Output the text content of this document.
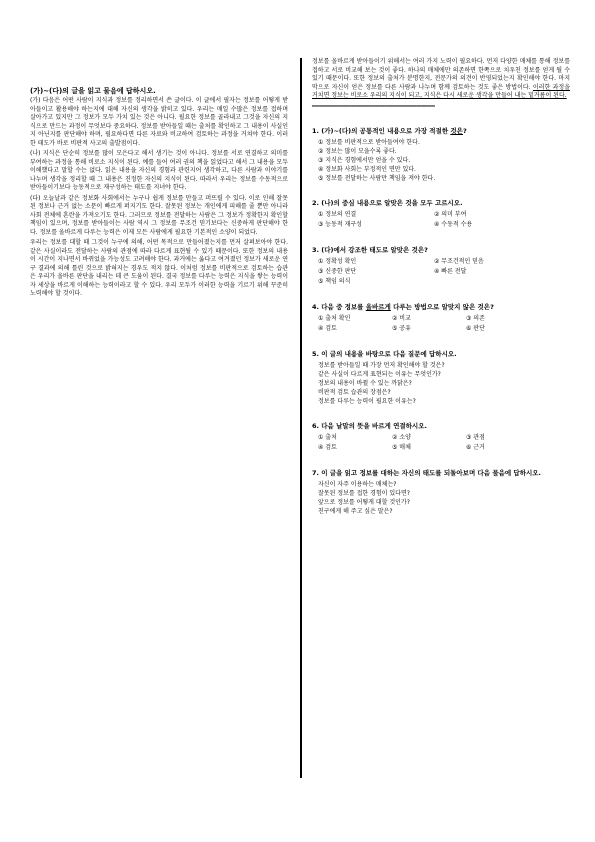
(가)~(다)의 글을 읽고 물음에 답하시오.

(가) 다음은 어떤 사람이 지식과 정보를 정리하면서 쓴 글이다. 이 글에서 필자는 정보를 어떻게 받아들이고 활용해야 하는지에 대해 자신의 생각을 밝히고 있다. 우리는 매일 수많은 정보를 접하며 살아가고 있지만 그 정보가 모두 가치 있는 것은 아니다. 필요한 정보를 골라내고 그것을 자신의 지식으로 만드는 과정이 무엇보다 중요하다. 정보를 받아들일 때는 출처를 확인하고 그 내용이 사실인지 아닌지를 판단해야 하며, 필요하다면 다른 자료와 비교하여 검토하는 과정을 거쳐야 한다. 이러한 태도가 바로 비판적 사고의 출발점이다.

(나) 지식은 단순히 정보를 많이 모은다고 해서 생기는 것이 아니다. 정보를 서로 연결하고 의미를 부여하는 과정을 통해 비로소 지식이 된다. 예를 들어 여러 권의 책을 읽었다고 해서 그 내용을 모두 이해했다고 말할 수는 없다. 읽은 내용을 자신의 경험과 관련지어 생각하고, 다른 사람과 이야기를 나누며 생각을 정리할 때 그 내용은 진정한 자신의 지식이 된다. 따라서 우리는 정보를 수동적으로 받아들이기보다 능동적으로 재구성하는 태도를 지녀야 한다.

(다) 오늘날과 같은 정보화 사회에서는 누구나 쉽게 정보를 만들고 퍼뜨릴 수 있다. 이로 인해 잘못된 정보나 근거 없는 소문이 빠르게 퍼지기도 한다. 잘못된 정보는 개인에게 피해를 줄 뿐만 아니라 사회 전체에 혼란을 가져오기도 한다. 그러므로 정보를 전달하는 사람은 그 정보가 정확한지 확인할 책임이 있으며, 정보를 받아들이는 사람 역시 그 정보를 무조건 믿기보다는 신중하게 판단해야 한다. 정보를 올바르게 다루는 능력은 이제 모든 사람에게 필요한 기본적인 소양이 되었다.

우리는 정보를 대할 때 그것이 누구에 의해, 어떤 목적으로 만들어졌는지를 먼저 살펴보아야 한다. 같은 사실이라도 전달하는 사람의 관점에 따라 다르게 표현될 수 있기 때문이다. 또한 정보의 내용이 시간이 지나면서 바뀌었을 가능성도 고려해야 한다. 과거에는 옳다고 여겨졌던 정보가 새로운 연구 결과에 의해 틀린 것으로 밝혀지는 경우도 적지 않다. 이처럼 정보를 비판적으로 검토하는 습관은 우리가 올바른 판단을 내리는 데 큰 도움이 된다. 결국 정보를 다루는 능력은 지식을 쌓는 능력이자 세상을 바르게 이해하는 능력이라고 할 수 있다. 우리 모두가 이러한 능력을 기르기 위해 꾸준히 노력해야 할 것이다.

정보를 올바르게 받아들이기 위해서는 여러 가지 노력이 필요하다. 먼저 다양한 매체를 통해 정보를 접하고 서로 비교해 보는 것이 좋다. 하나의 매체에만 의존하면 한쪽으로 치우친 정보를 얻게 될 수 있기 때문이다. 또한 정보의 출처가 분명한지, 전문가의 의견이 반영되었는지 확인해야 한다. 마지막으로 자신이 얻은 정보를 다른 사람과 나누며 함께 검토하는 것도 좋은 방법이다. 이러한 과정을 거치면 정보는 비로소 우리의 지식이 되고, 지식은 다시 새로운 생각을 만들어 내는 밑거름이 된다.

━━━━━━━━━━━━━━━━━━━━━━━━━━━━━━━━━━

1. (가)~(다)의 공통적인 내용으로 가장 적절한 것은?

① 정보를 비판적으로 받아들여야 한다.
② 정보는 많이 모을수록 좋다.
③ 지식은 경험에서만 얻을 수 있다.
④ 정보화 사회는 부정적인 면만 있다.
⑤ 정보를 전달하는 사람만 책임을 져야 한다.

2. (나)의 중심 내용으로 알맞은 것을 모두 고르시오.

① 정보의 연결	② 의미 부여
③ 능동적 재구성	④ 수동적 수용

3. (다)에서 강조한 태도로 알맞은 것은?

① 정확성 확인	② 무조건적인 믿음
③ 신중한 판단	④ 빠른 전달
⑤ 책임 의식

4. 다음 중 정보를 올바르게 다루는 방법으로 알맞지 않은 것은?

① 출처 확인	② 비교	③ 의존
④ 검토	⑤ 공유	⑥ 판단

5. 이 글의 내용을 바탕으로 다음 질문에 답하시오.

정보를 받아들일 때 가장 먼저 확인해야 할 것은?
같은 사실이 다르게 표현되는 이유는 무엇인가?
정보의 내용이 바뀔 수 있는 까닭은?
비판적 검토 습관의 장점은?
정보를 다루는 능력이 필요한 이유는?

6. 다음 낱말의 뜻을 바르게 연결하시오.

① 출처	② 소양	③ 관점
④ 검토	⑤ 매체	⑥ 근거

7. 이 글을 읽고 정보를 대하는 자신의 태도를 되돌아보며 다음 물음에 답하시오.

자신이 자주 이용하는 매체는?
잘못된 정보를 접한 경험이 있다면?
앞으로 정보를 어떻게 대할 것인가?
친구에게 해 주고 싶은 말은?
